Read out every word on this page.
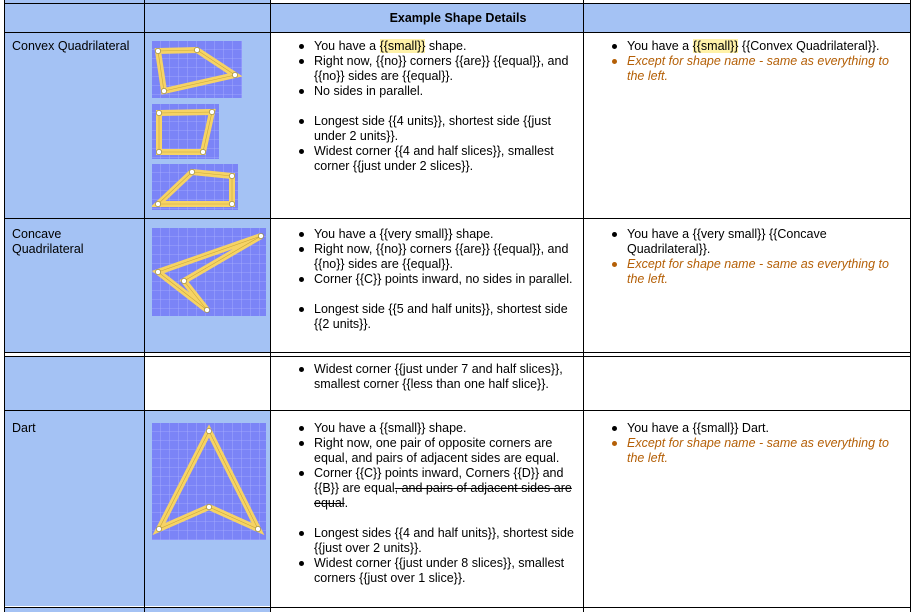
Example Shape Details
Convex Quadrilateral	You have a {{small}} shape.
Right now, {{no}} corners {{are}} {{equal}}, and {{no}} sides are {{equal}}.
No sides in parallel.
Longest side {{4 units}}, shortest side {{just under 2 units}}.
Widest corner {{4 and half slices}}, smallest corner {{just under 2 slices}}.
You have a {{small}} {{Convex Quadrilateral}}.
Except for shape name - same as everything to the left.
Concave Quadrilateral
You have a {{very small}} shape.
Right now, {{no}} corners {{are}} {{equal}}, and {{no}} sides are {{equal}}.
Corner {{C}} points inward, no sides in parallel.
Longest side {{5 and half units}}, shortest side {{2 units}}.
You have a {{very small}} {{Concave Quadrilateral}}.
Except for shape name - same as everything to the left.
Widest corner {{just under 7 and half slices}}, smallest corner {{less than one half slice}}.
Dart	You have a {{small}} shape.
Right now, one pair of opposite corners are equal, and pairs of adjacent sides are equal.
Corner {{C}} points inward, Corners {{D}} and {{B}} are equal, and pairs of adjacent sides are equal.
Longest sides {{4 and half units}}, shortest side {{just over 2 units}}.
Widest corner {{just under 8 slices}}, smallest corners {{just over 1 slice}}.
You have a {{small}} Dart.
Except for shape name - same as everything to the left.
